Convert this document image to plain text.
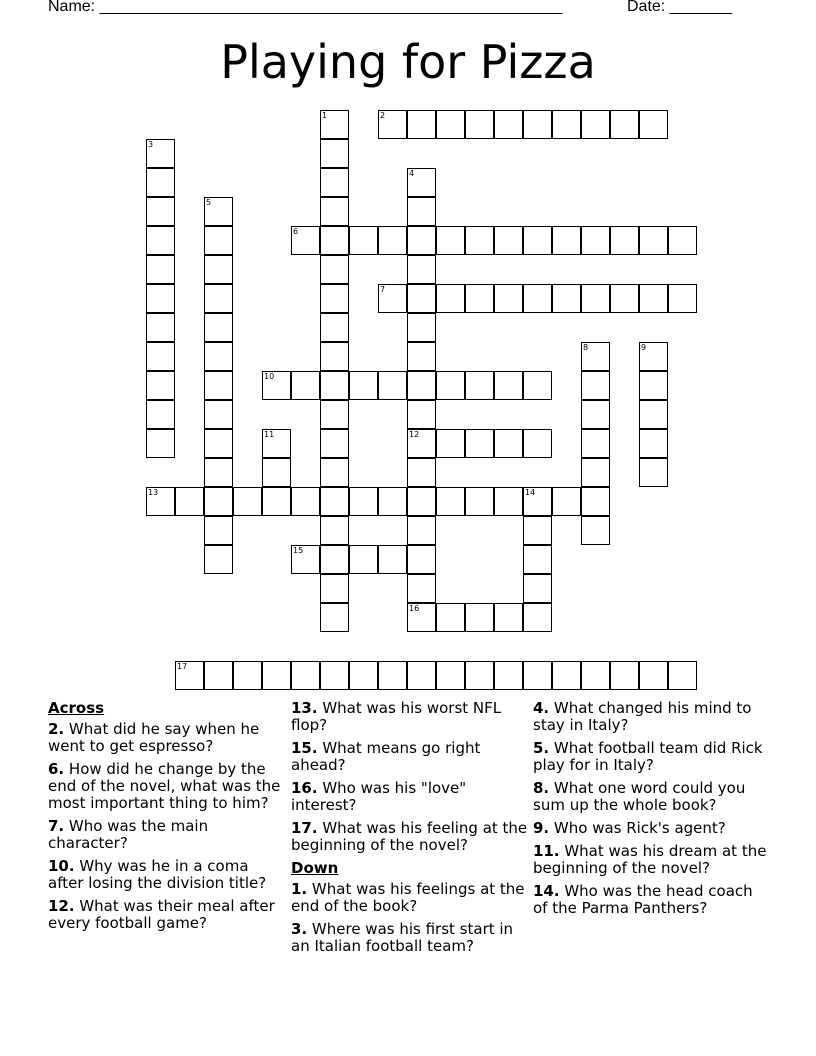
Name: ____________________________________________________	Date: _______
Playing for Pizza
1	2
3
4
12
5
6
7
8	9
10
11
13	14
15
16
17
Across
2. What did he say when he went to get espresso?
6. How did he change by the end of the novel, what was the most important thing to him?
7. Who was the main character?
10. Why was he in a coma after losing the division title?
12. What was their meal after every football game?
13. What was his worst NFL flop?
15. What means go right ahead?
16. Who was his "love" interest?
17. What was his feeling at the beginning of the novel?
Down
1. What was his feelings at the end of the book?
3. Where was his first start in an Italian football team?
4. What changed his mind to stay in Italy?
5. What football team did Rick play for in Italy?
8. What one word could you sum up the whole book?
9. Who was Rick's agent?
11. What was his dream at the beginning of the novel?
14. Who was the head coach of the Parma Panthers?
